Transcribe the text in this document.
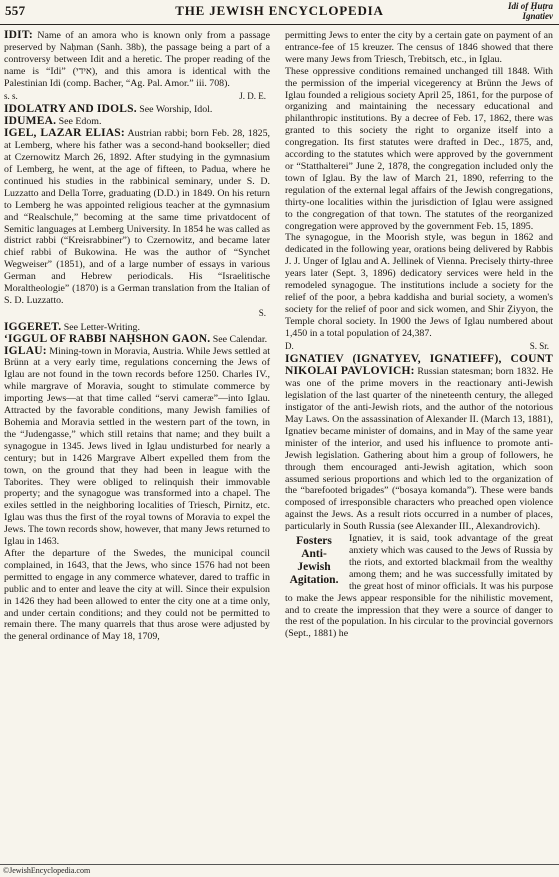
557	THE JEWISH ENCYCLOPEDIA	Idi of Ḥuṭra
Ignatiev

IDIT: Name of an amora who is known only from a passage preserved by Naḥman (Sanh. 38b), the passage being a part of a controversy between Idit and a heretic. The proper reading of the name is “Idi” (אידי), and this amora is identical with the Palestinian Idi (comp. Bacher, “Ag. Pal. Amor.” iii. 708).

s. s.	J. D. E.

IDOLATRY AND IDOLS. See Worship, Idol.

IDUMEA. See Edom.

IGEL, LAZAR ELIAS: Austrian rabbi; born Feb. 28, 1825, at Lemberg, where his father was a second-hand bookseller; died at Czernowitz March 26, 1892. After studying in the gymnasium of Lemberg, he went, at the age of fifteen, to Padua, where he continued his studies in the rabbinical seminary, under S. D. Luzzatto and Della Torre, graduating (D.D.) in 1849. On his return to Lemberg he was appointed religious teacher at the gymnasium and “Realschule,” becoming at the same time privatdocent of Semitic languages at Lemberg University. In 1854 he was called as district rabbi (“Kreisrabbiner”) to Czernowitz, and became later chief rabbi of Bukowina. He was the author of “Synchet Wegweiser” (1851), and of a large number of essays in various German and Hebrew periodicals. His “Israelitische Moraltheologie” (1870) is a German translation from the Italian of S. D. Luzzatto.

S.

IGGERET. See Letter-Writing.

‘IGGUL OF RABBI NAḤSHON GAON. See Calendar.

IGLAU: Mining-town in Moravia, Austria. While Jews settled at Brünn at a very early time, regulations concerning the Jews of Iglau are not found in the town records before 1250. Charles IV., while margrave of Moravia, sought to stimulate commerce by importing Jews—at that time called “servi cameræ”—into Iglau. Attracted by the favorable conditions, many Jewish families of Bohemia and Moravia settled in the western part of the town, in the “Judengasse,” which still retains that name; and they built a synagogue in 1345. Jews lived in Iglau undisturbed for nearly a century; but in 1426 Margrave Albert expelled them from the town, on the ground that they had been in league with the Taborites. They were obliged to relinquish their immovable property; and the synagogue was transformed into a chapel. The exiles settled in the neighboring localities of Triesch, Pirnitz, etc. Iglau was thus the first of the royal towns of Moravia to expel the Jews. The town records show, however, that many Jews returned to Iglau in 1463.

After the departure of the Swedes, the municipal council complained, in 1643, that the Jews, who since 1576 had not been permitted to engage in any commerce whatever, dared to traffic in public and to enter and leave the city at will. Since their expulsion in 1426 they had been allowed to enter the city one at a time only, and under certain conditions; and they could not be permitted to remain there. The many quarrels that thus arose were adjusted by the general ordinance of May 18, 1709,

permitting Jews to enter the city by a certain gate on payment of an entrance-fee of 15 kreuzer. The census of 1846 showed that there were many Jews from Triesch, Trebitsch, etc., in Iglau.

These oppressive conditions remained unchanged till 1848. With the permission of the imperial vicegerency at Brünn the Jews of Iglau founded a religious society April 25, 1861, for the purpose of organizing and maintaining the necessary educational and philanthropic institutions. By a decree of Feb. 17, 1862, there was granted to this society the right to organize itself into a congregation. Its first statutes were drafted in Dec., 1875, and, according to the statutes which were approved by the government or “Statthalterei” June 2, 1878, the congregation included only the town of Iglau. By the law of March 21, 1890, referring to the regulation of the external legal affairs of the Jewish congregations, thirty-one localities within the jurisdiction of Iglau were assigned to the congregation of that town. The statutes of the reorganized congregation were approved by the government Feb. 15, 1895.

The synagogue, in the Moorish style, was begun in 1862 and dedicated in the following year, orations being delivered by Rabbis J. J. Unger of Iglau and A. Jellinek of Vienna. Precisely thirty-three years later (Sept. 3, 1896) dedicatory services were held in the remodeled synagogue. The institutions include a society for the relief of the poor, a ḥebra kaddisha and burial society, a women's society for the relief of poor and sick women, and Shir Ẓiyyon, the Temple choral society. In 1900 the Jews of Iglau numbered about 1,450 in a total population of 24,387.

D.	S. Sr.

IGNATIEV (IGNATYEV, IGNATIEFF), COUNT NIKOLAI PAVLOVICH: Russian statesman; born 1832. He was one of the prime movers in the reactionary anti-Jewish legislation of the last quarter of the nineteenth century, the alleged instigator of the anti-Jewish riots, and the author of the notorious May Laws. On the assassination of Alexander II. (March 13, 1881), Ignatiev became minister of domains, and in May of the same year minister of the interior, and used his influence to promote anti-Jewish legislation. Gathering about him a group of followers, he through them encouraged anti-Jewish agitation, which soon assumed serious proportions and which led to the organization of the “barefooted brigades” (“bosaya komanda”). These were bands composed of irresponsible characters who preached open violence against the Jews. As a result riots occurred in a number of places, particularly in South Russia (see Alexander III., Alexandrovich).

Fosters Anti-Jewish Agitation.
Ignatiev, it is said, took advantage of the great anxiety which was caused to the Jews of Russia by the riots, and extorted blackmail from the wealthy among them; and he was successfully imitated by the great host of minor officials. It was his purpose to make the Jews appear responsible for the nihilistic movement, and to create the impression that they were a source of danger to the rest of the population. In his circular to the provincial governors (Sept., 1881) he

©JewishEncyclopedia.com
